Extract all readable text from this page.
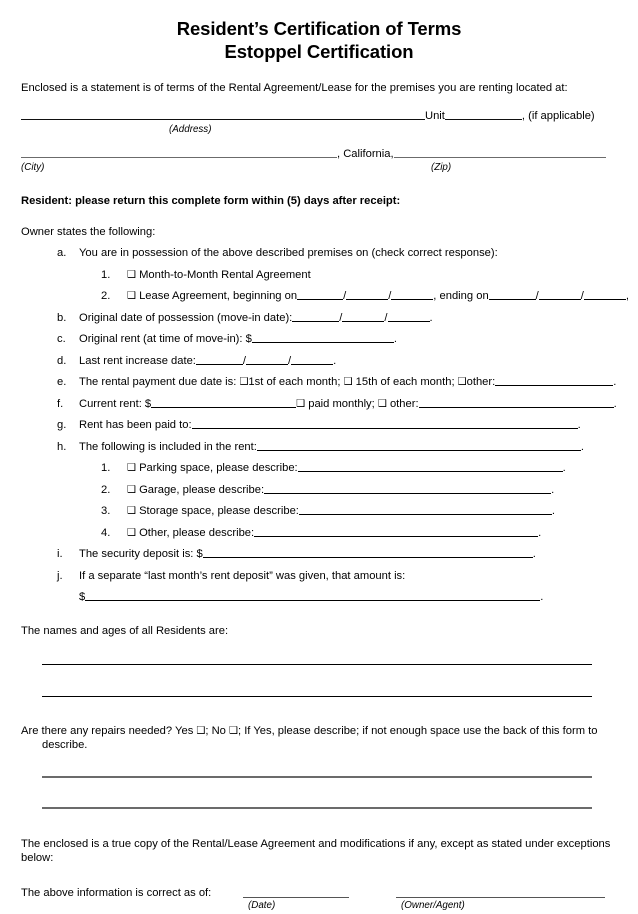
Resident’s Certification of Terms
Estoppel Certification
Enclosed is a statement is of terms of the Rental Agreement/Lease for the premises you are renting located at:
Unit	, (if applicable)
(Address)
, California,
(City)	(Zip)
Resident: please return this complete form within (5) days after receipt:
Owner states the following:
a. You are in possession of the above described premises on (check correct response):
1. ❑ Month-to-Month Rental Agreement
2. ❑ Lease Agreement, beginning on	/	/	, ending on	/	/	,
b. Original date of possession (move-in date):	/	/	.
c. Original rent (at time of move-in): $	.
d. Last rent increase date:	/	/	.
e. The rental payment due date is: ❑1st of each month; ❑ 15th of each month; ❑other:	.
f. Current rent: $	❑ paid monthly; ❑ other:	.
g. Rent has been paid to:	.
h. The following is included in the rent:	.
1. ❑ Parking space, please describe:	.
2. ❑ Garage, please describe:	.
3. ❑ Storage space, please describe:	.
4. ❑ Other, please describe:	.
i. The security deposit is: $	.
j. If a separate “last month’s rent deposit” was given, that amount is:
$	.
The names and ages of all Residents are:
Are there any repairs needed? Yes ❑; No ❑; If Yes, please describe; if not enough space use the back of this form to
describe.
The enclosed is a true copy of the Rental/Lease Agreement and modifications if any, except as stated under exceptions
below:
The above information is correct as of:
(Date)	(Owner/Agent)
